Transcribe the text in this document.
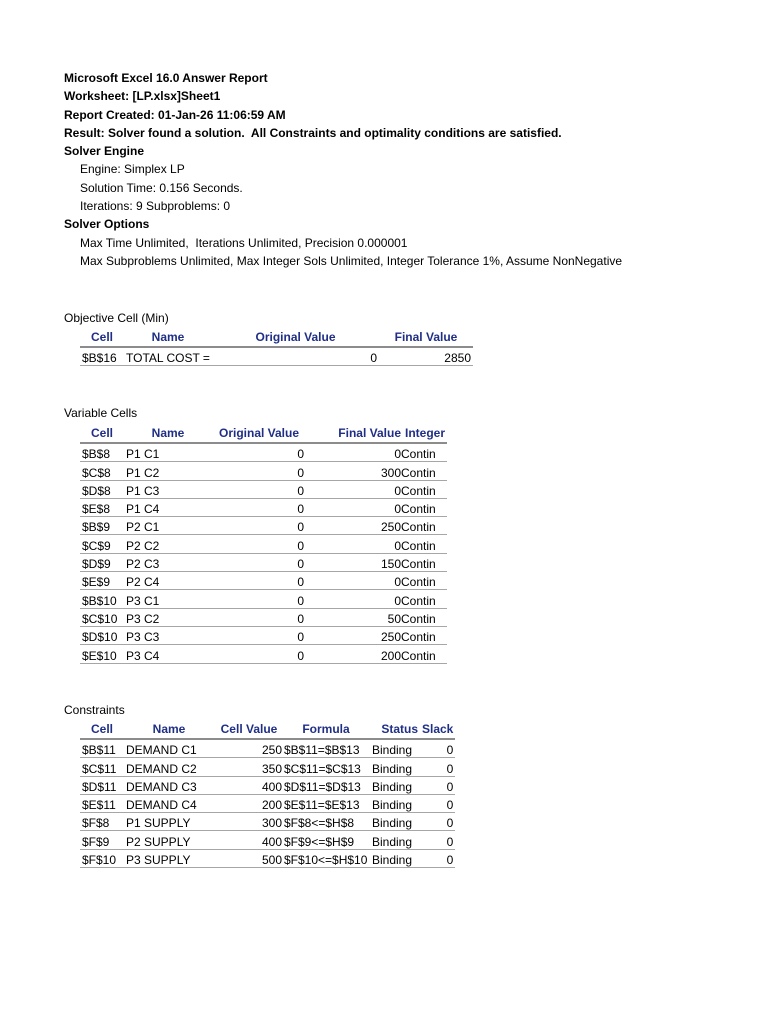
Microsoft Excel 16.0 Answer Report
Worksheet: [LP.xlsx]Sheet1
Report Created: 01-Jan-26 11:06:59 AM
Result: Solver found a solution.  All Constraints and optimality conditions are satisfied.
Solver Engine
Engine: Simplex LP
Solution Time: 0.156 Seconds.
Iterations: 9 Subproblems: 0
Solver Options
Max Time Unlimited,  Iterations Unlimited, Precision 0.000001
Max Subproblems Unlimited, Max Integer Sols Unlimited, Integer Tolerance 1%, Assume NonNegative
Objective Cell (Min)
Cell	Name	Original Value	Final Value
$B$16	TOTAL COST =	0	2850
Variable Cells
Cell	Name	Original Value	Final Value	Integer
$B$8	P1 C1	0	0	Contin
$C$8	P1 C2	0	300	Contin
$D$8	P1 C3	0	0	Contin
$E$8	P1 C4	0	0	Contin
$B$9	P2 C1	0	250	Contin
$C$9	P2 C2	0	0	Contin
$D$9	P2 C3	0	150	Contin
$E$9	P2 C4	0	0	Contin
$B$10	P3 C1	0	0	Contin
$C$10	P3 C2	0	50	Contin
$D$10	P3 C3	0	250	Contin
$E$10	P3 C4	0	200	Contin
Constraints
Cell	Name	Cell Value	Formula	Status	Slack
$B$11	DEMAND C1	250	$B$11=$B$13	Binding	0
$C$11	DEMAND C2	350	$C$11=$C$13	Binding	0
$D$11	DEMAND C3	400	$D$11=$D$13	Binding	0
$E$11	DEMAND C4	200	$E$11=$E$13	Binding	0
$F$8	P1 SUPPLY	300	$F$8<=$H$8	Binding	0
$F$9	P2 SUPPLY	400	$F$9<=$H$9	Binding	0
$F$10	P3 SUPPLY	500	$F$10<=$H$10	Binding	0
